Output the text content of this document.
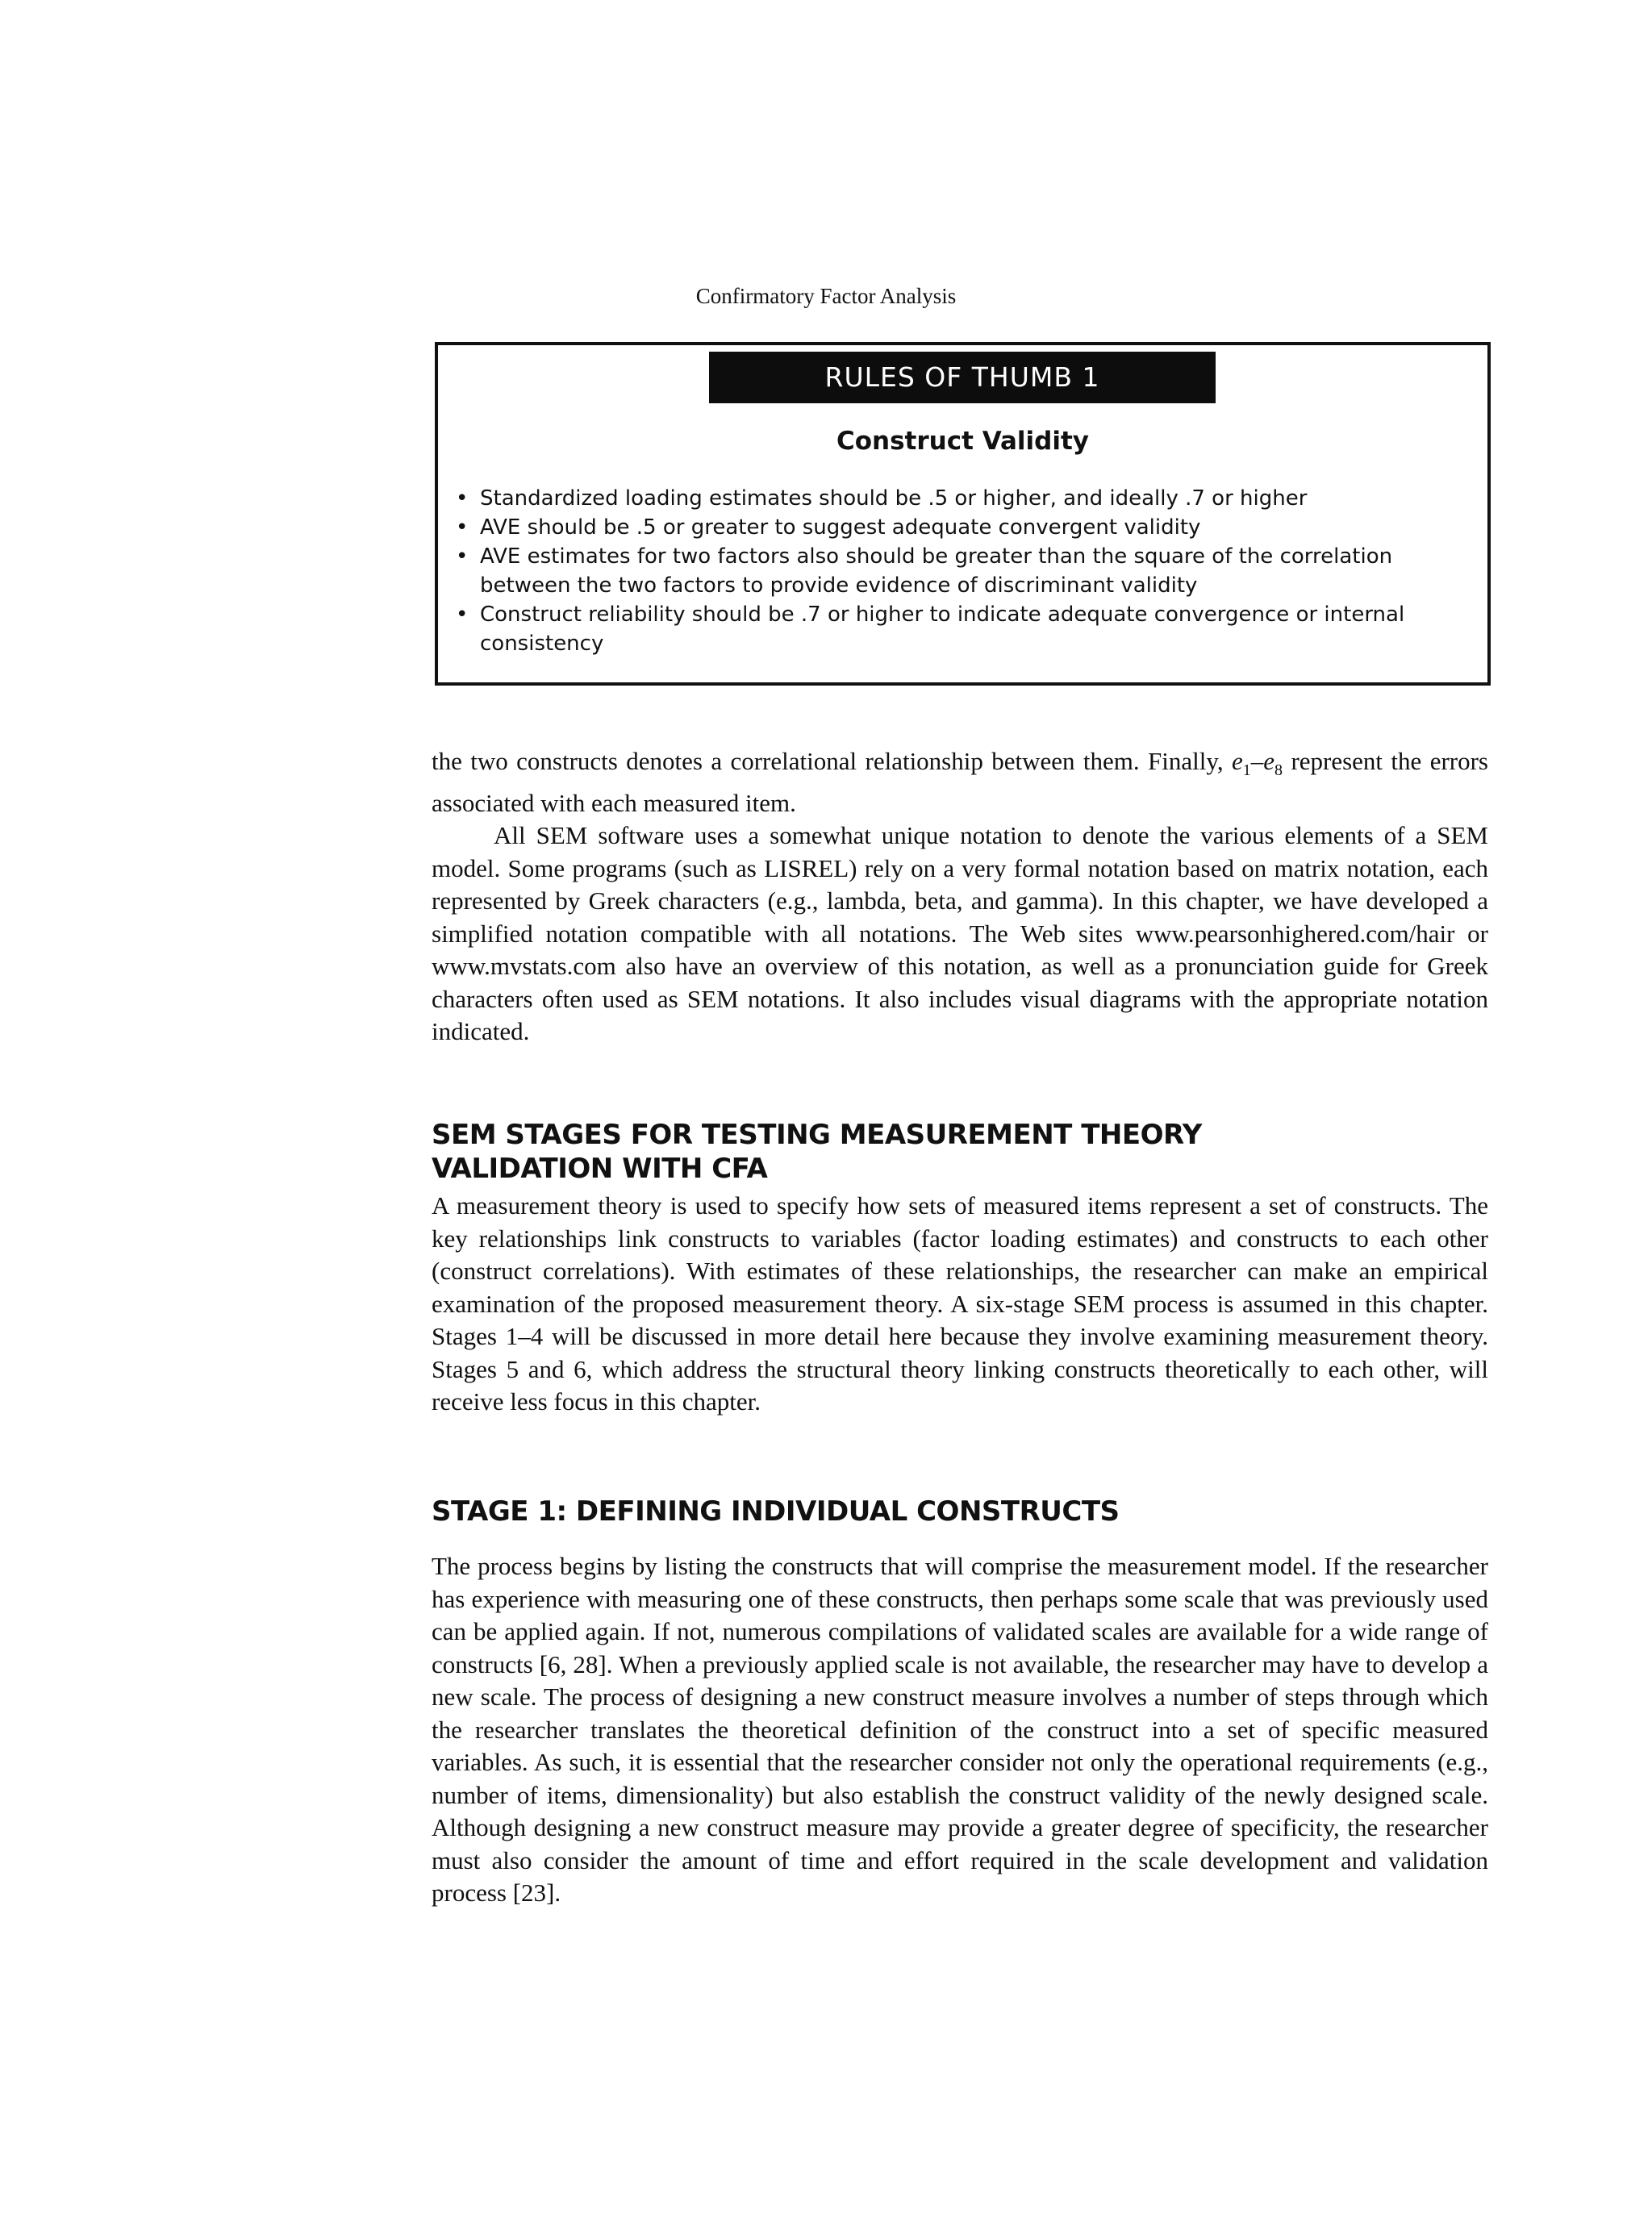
Confirmatory Factor Analysis
RULES OF THUMB 1
Construct Validity
• Standardized loading estimates should be .5 or higher, and ideally .7 or higher
• AVE should be .5 or greater to suggest adequate convergent validity
• AVE estimates for two factors also should be greater than the square of the correlation between the two factors to provide evidence of discriminant validity
• Construct reliability should be .7 or higher to indicate adequate convergence or internal consistency

the two constructs denotes a correlational relationship between them. Finally, $e_1-e_8$ represent the errors associated with each measured item.

All SEM software uses a somewhat unique notation to denote the various elements of a SEM model. Some programs (such as LISREL) rely on a very formal notation based on matrix notation, each represented by Greek characters (e.g., lambda, beta, and gamma). In this chapter, we have developed a simplified notation compatible with all notations. The Web sites www.pearsonhighered.com/hair or www.mvstats.com also have an overview of this notation, as well as a pronunciation guide for Greek characters often used as SEM notations. It also includes visual diagrams with the appropriate notation indicated.

SEM STAGES FOR TESTING MEASUREMENT THEORY
VALIDATION WITH CFA

A measurement theory is used to specify how sets of measured items represent a set of constructs. The key relationships link constructs to variables (factor loading estimates) and constructs to each other (construct correlations). With estimates of these relationships, the researcher can make an empirical examination of the proposed measurement theory. A six-stage SEM process is assumed in this chapter. Stages 1–4 will be discussed in more detail here because they involve examining measurement theory. Stages 5 and 6, which address the structural theory linking constructs theoretically to each other, will receive less focus in this chapter.

STAGE 1: DEFINING INDIVIDUAL CONSTRUCTS

The process begins by listing the constructs that will comprise the measurement model. If the researcher has experience with measuring one of these constructs, then perhaps some scale that was previously used can be applied again. If not, numerous compilations of validated scales are available for a wide range of constructs [6, 28]. When a previously applied scale is not available, the researcher may have to develop a new scale. The process of designing a new construct measure involves a number of steps through which the researcher translates the theoretical definition of the construct into a set of specific measured variables. As such, it is essential that the researcher consider not only the operational requirements (e.g., number of items, dimensionality) but also establish the construct validity of the newly designed scale. Although designing a new construct measure may provide a greater degree of specificity, the researcher must also consider the amount of time and effort required in the scale development and validation process [23].
